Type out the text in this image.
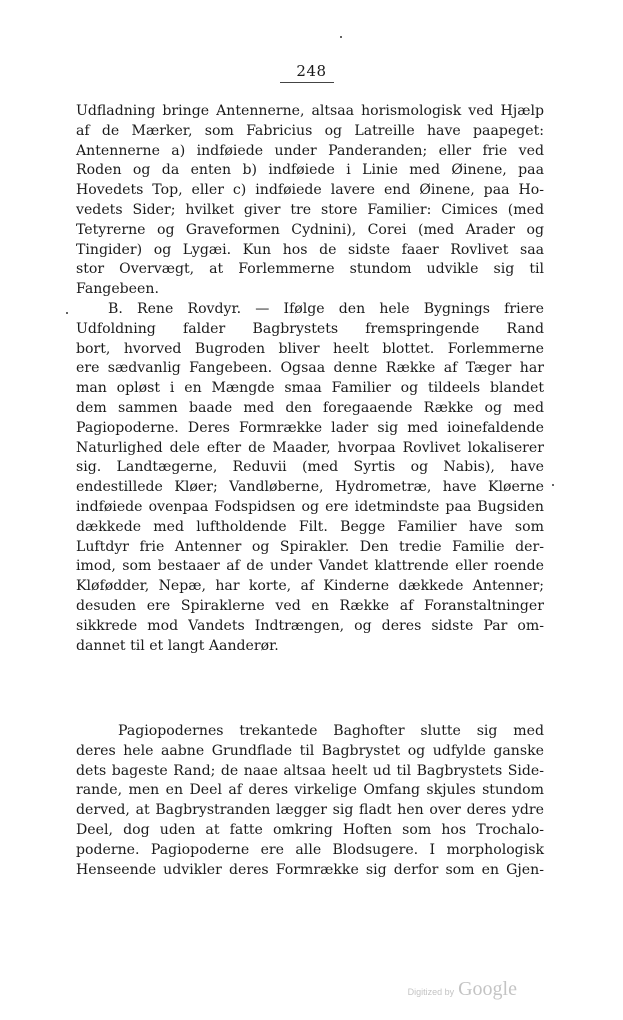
248
Udfladning bringe Antennerne, altsaa horismologisk ved Hjælp
af de Mærker, som Fabricius og Latreille have paapeget:
Antennerne a) indføiede under Panderanden; eller frie ved
Roden og da enten b) indføiede i Linie med Øinene, paa
Hovedets Top, eller c) indføiede lavere end Øinene, paa Ho-
vedets Sider; hvilket giver tre store Familier: Cimices (med
Tetyrerne og Graveformen Cydnini), Corei (med Arader og
Tingider) og Lygæi. Kun hos de sidste faaer Rovlivet saa
stor Overvægt, at Forlemmerne stundom udvikle sig til
Fangebeen.
B. Rene Rovdyr. — Ifølge den hele Bygnings friere
Udfoldning falder Bagbrystets fremspringende Rand
bort, hvorved Bugroden bliver heelt blottet. Forlemmerne
ere sædvanlig Fangebeen. Ogsaa denne Række af Tæger har
man opløst i en Mængde smaa Familier og tildeels blandet
dem sammen baade med den foregaaende Række og med
Pagiopoderne. Deres Formrække lader sig med ioinefaldende
Naturlighed dele efter de Maader, hvorpaa Rovlivet lokaliserer
sig. Landtægerne, Reduvii (med Syrtis og Nabis), have
endestillede Kløer; Vandløberne, Hydrometræ, have Kløerne
indføiede ovenpaa Fodspidsen og ere idetmindste paa Bugsiden
dækkede med luftholdende Filt. Begge Familier have som
Luftdyr frie Antenner og Spirakler. Den tredie Familie der-
imod, som bestaaer af de under Vandet klattrende eller roende
Kløfødder, Nepæ, har korte, af Kinderne dækkede Antenner;
desuden ere Spiraklerne ved en Række af Foranstaltninger
sikkrede mod Vandets Indtrængen, og deres sidste Par om-
dannet til et langt Aanderør.
Pagiopodernes trekantede Baghofter slutte sig med
deres hele aabne Grundflade til Bagbrystet og udfylde ganske
dets bageste Rand; de naae altsaa heelt ud til Bagbrystets Side-
rande, men en Deel af deres virkelige Omfang skjules stundom
derved, at Bagbrystranden lægger sig fladt hen over deres ydre
Deel, dog uden at fatte omkring Hoften som hos Trochalo-
poderne. Pagiopoderne ere alle Blodsugere. I morphologisk
Henseende udvikler deres Formrække sig derfor som en Gjen-
Digitized by Google
